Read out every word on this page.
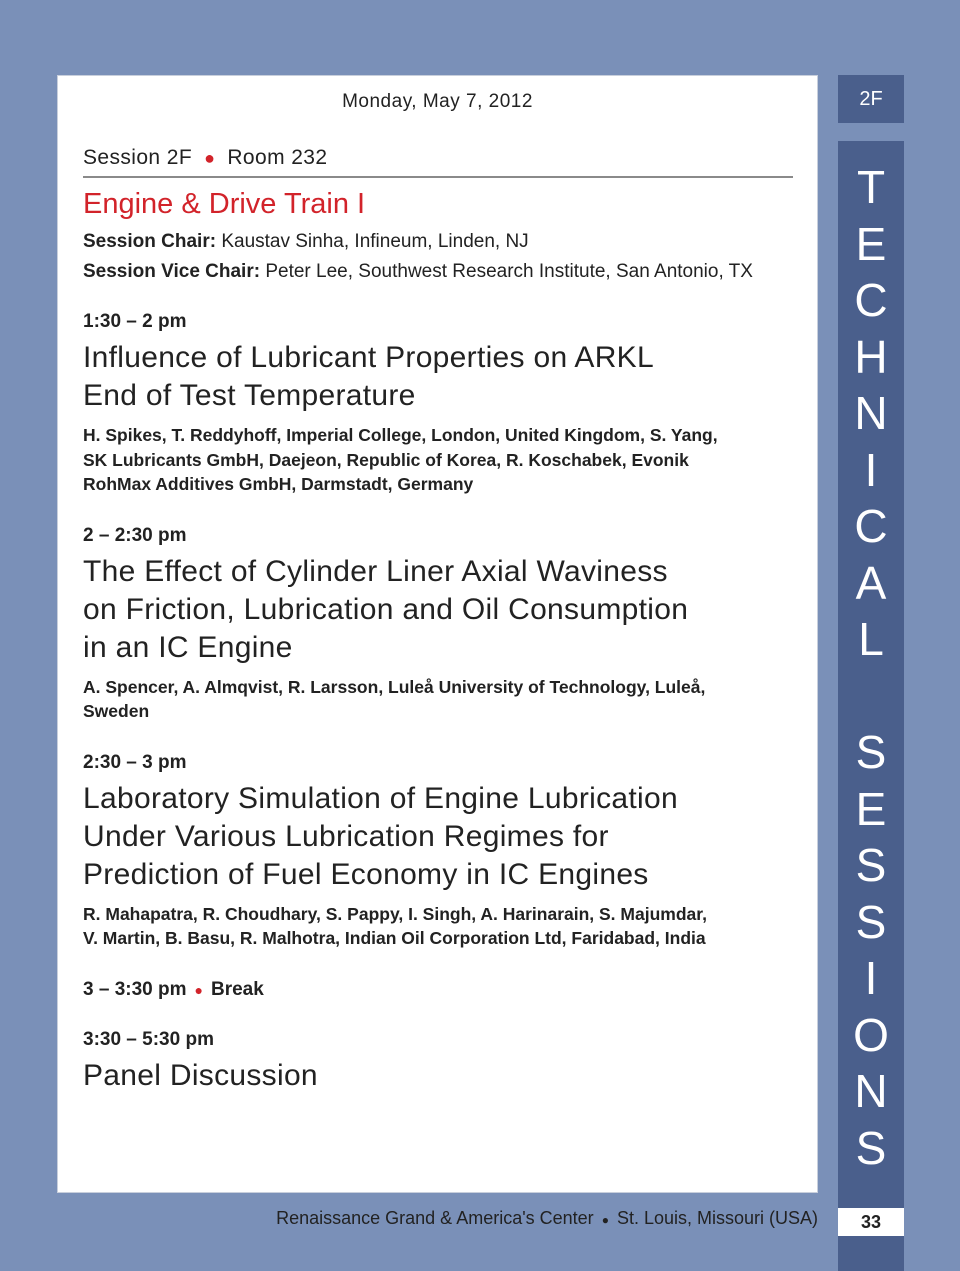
Monday, May 7, 2012
Session 2F ● Room 232
Engine & Drive Train I
Session Chair: Kaustav Sinha, Infineum, Linden, NJ
Session Vice Chair: Peter Lee, Southwest Research Institute, San Antonio, TX
1:30 – 2 pm
Influence of Lubricant Properties on ARKL
End of Test Temperature
H. Spikes, T. Reddyhoff, Imperial College, London, United Kingdom, S. Yang,
SK Lubricants GmbH, Daejeon, Republic of Korea, R. Koschabek, Evonik
RohMax Additives GmbH, Darmstadt, Germany
2 – 2:30 pm
The Effect of Cylinder Liner Axial Waviness
on Friction, Lubrication and Oil Consumption
in an IC Engine
A. Spencer, A. Almqvist, R. Larsson, Luleå University of Technology, Luleå,
Sweden
2:30 – 3 pm
Laboratory Simulation of Engine Lubrication
Under Various Lubrication Regimes for
Prediction of Fuel Economy in IC Engines
R. Mahapatra, R. Choudhary, S. Pappy, I. Singh, A. Harinarain, S. Majumdar,
V. Martin, B. Basu, R. Malhotra, Indian Oil Corporation Ltd, Faridabad, India
3 – 3:30 pm ● Break
3:30 – 5:30 pm
Panel Discussion
Renaissance Grand & America's Center ● St. Louis, Missouri (USA)
2F
T
E
C
H
N
I
C
A
L

S
E
S
S
I
O
N
S
33
